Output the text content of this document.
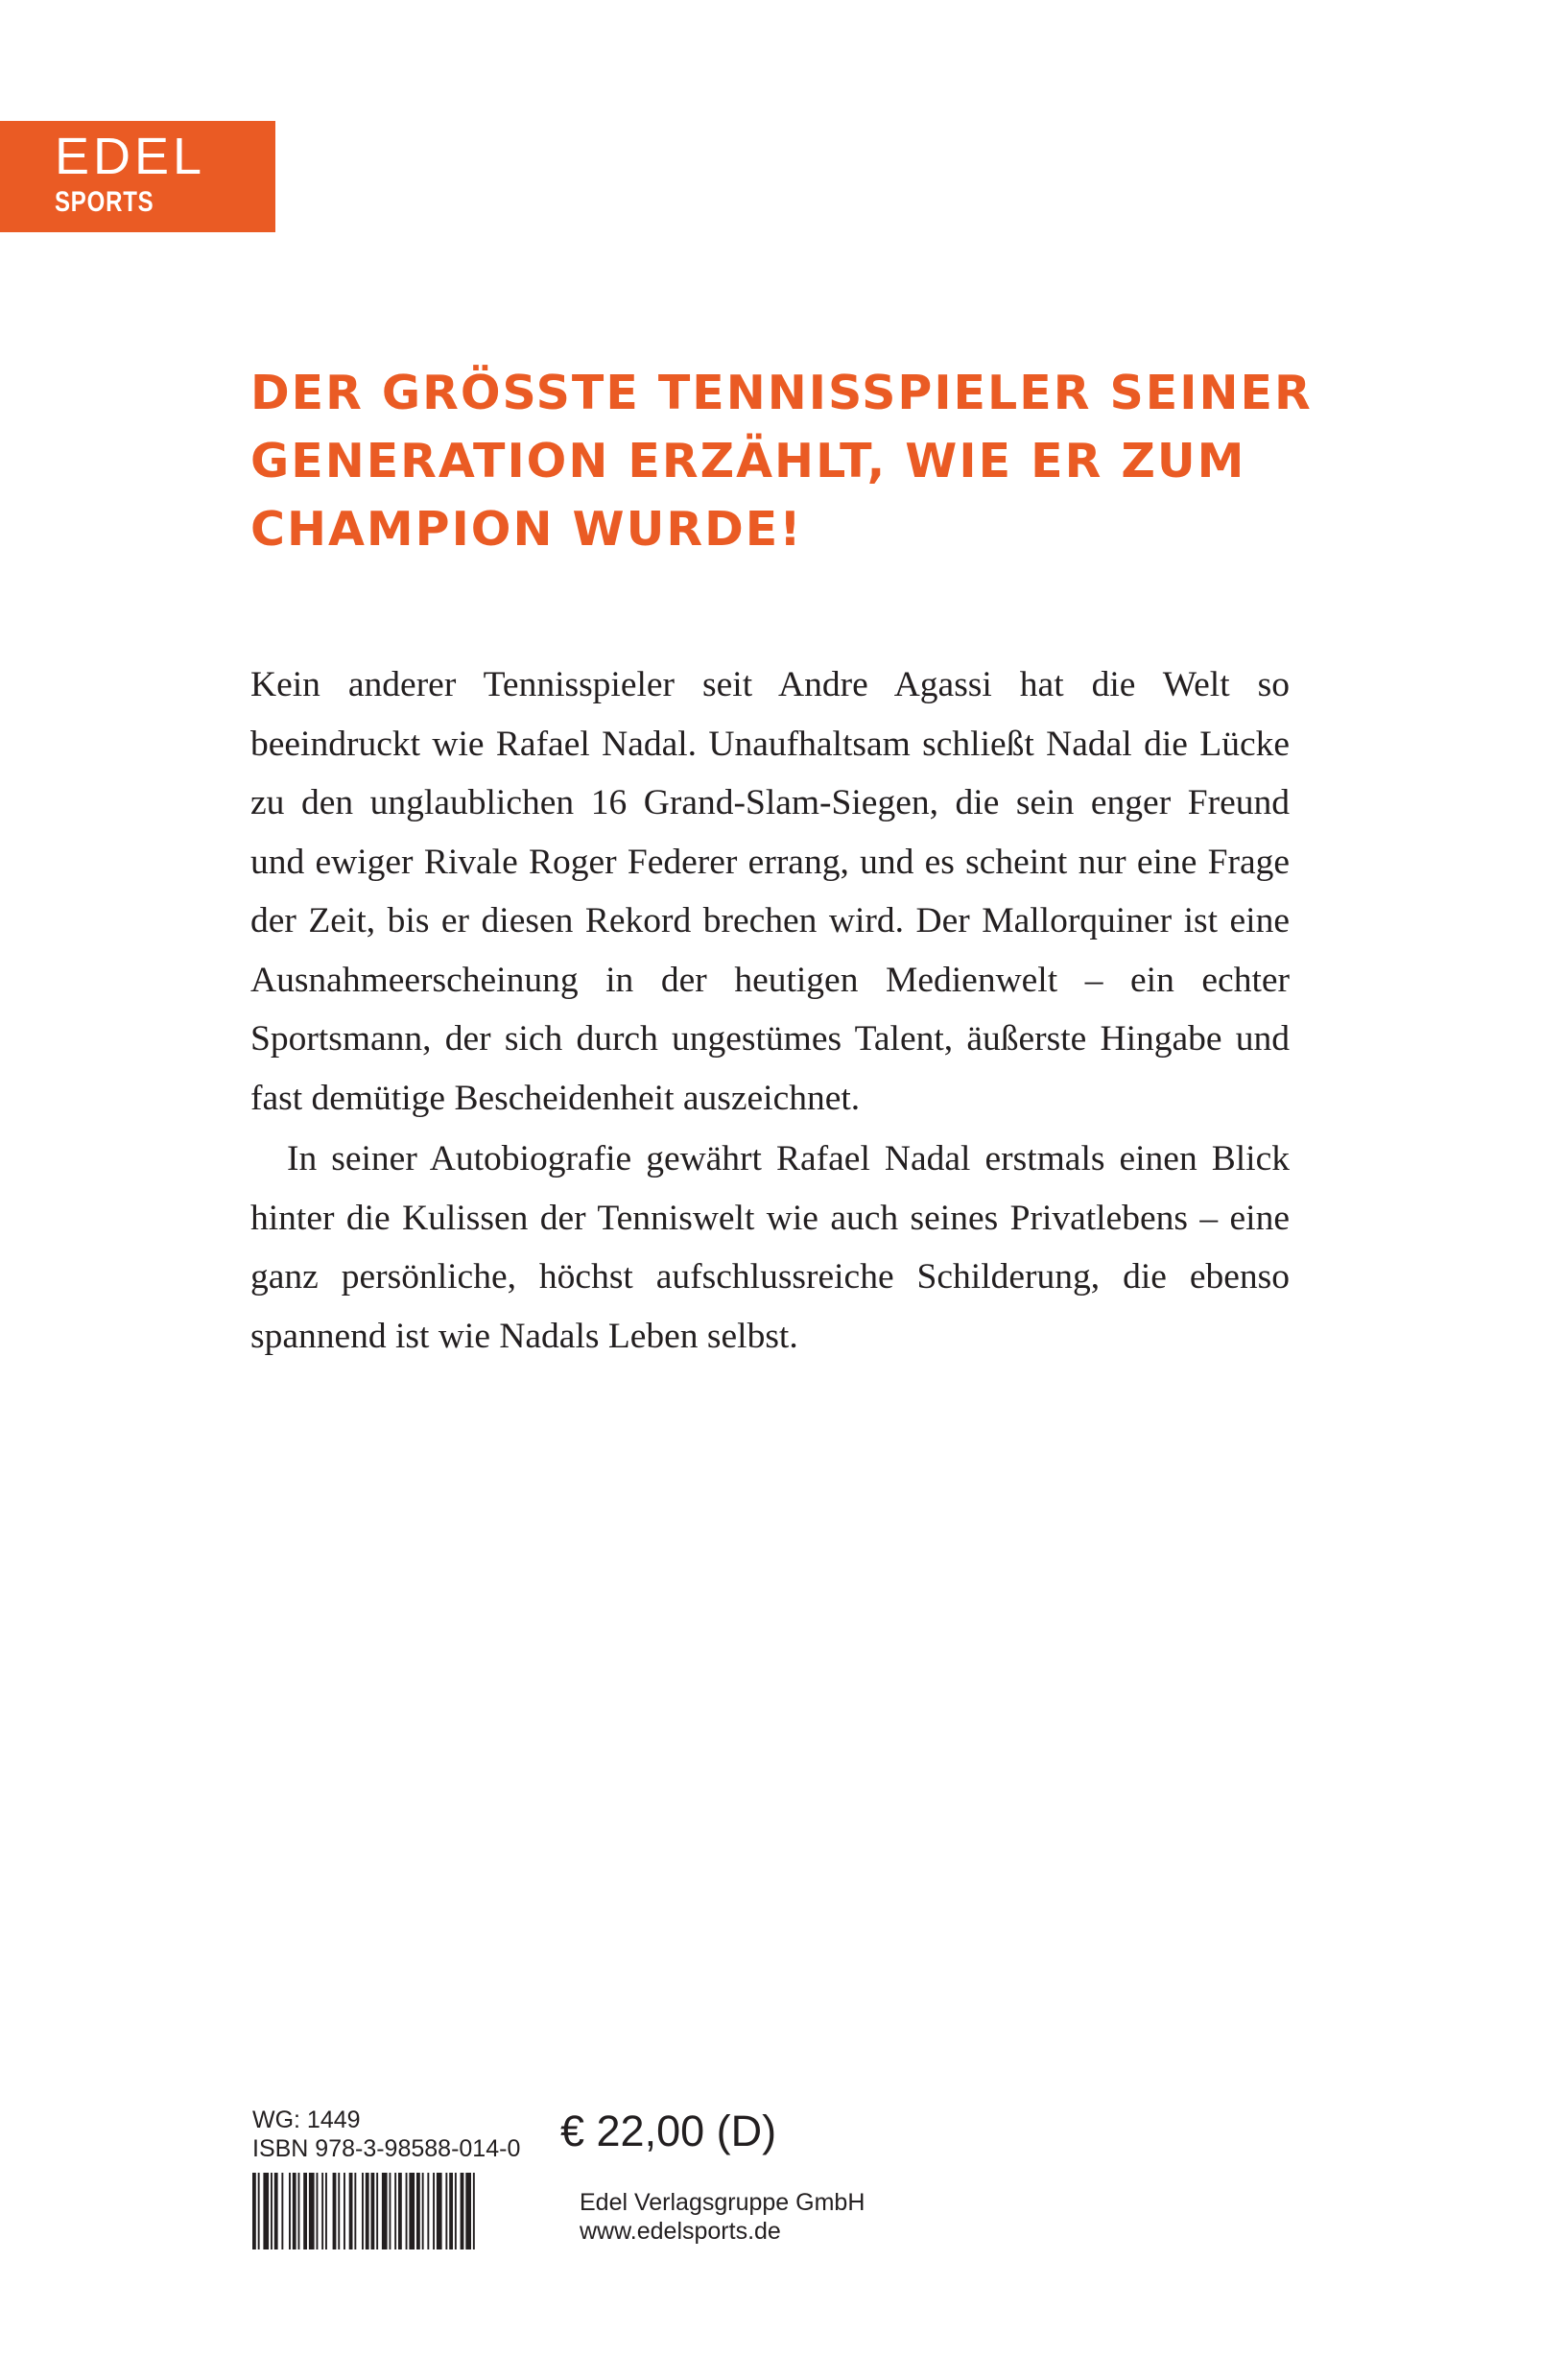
EDEL
SPORTS
DER GRÖSSTE TENNISSPIELER SEINER
GENERATION ERZÄHLT, WIE ER ZUM
CHAMPION WURDE!

Kein anderer Tennisspieler seit Andre Agassi hat die Welt so beeindruckt wie Rafael Nadal. Unaufhaltsam schließt Nadal die Lücke zu den unglaublichen 16 Grand-Slam-Siegen, die sein enger Freund und ewiger Rivale Roger Federer errang, und es scheint nur eine Frage der Zeit, bis er diesen Rekord brechen wird. Der Mallorquiner ist eine Ausnahmeerscheinung in der heutigen Medienwelt – ein echter Sportsmann, der sich durch ungestümes Talent, äußerste Hingabe und fast demütige Bescheidenheit auszeichnet.

In seiner Autobiografie gewährt Rafael Nadal erstmals einen Blick hinter die Kulissen der Tenniswelt wie auch seines Privatlebens – eine ganz persönliche, höchst aufschlussreiche Schilderung, die ebenso spannend ist wie Nadals Leben selbst.

WG: 1449
ISBN 978-3-98588-014-0 € 22,00 (D)
Edel Verlagsgruppe GmbH
www.edelsports.de
